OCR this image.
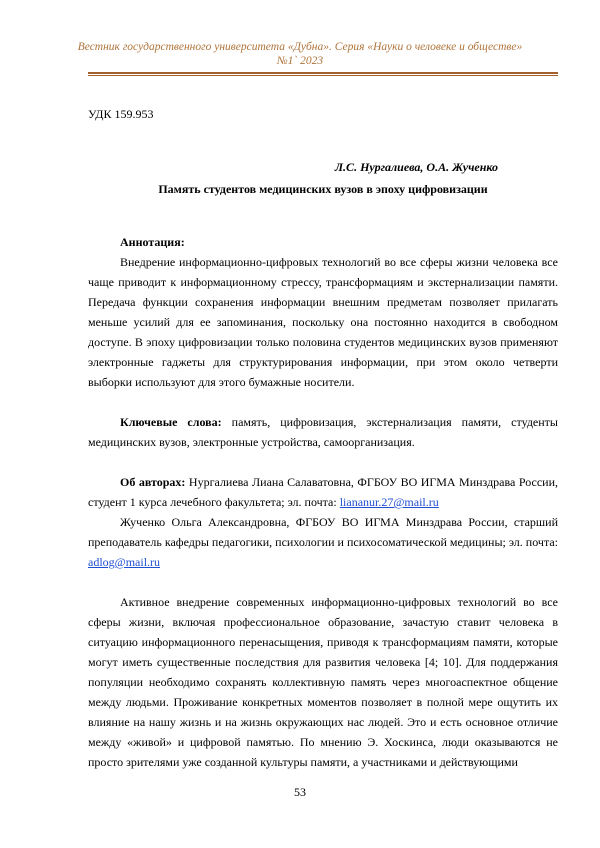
Вестник государственного университета «Дубна». Серия «Науки о человеке и обществе»
№1` 2023

УДК 159.953

Л.С. Нургалиева, О.А. Жученко
Память студентов медицинских вузов в эпоху цифровизации
Аннотация:

Внедрение информационно-цифровых технологий во все сферы жизни человека все чаще приводит к информационному стрессу, трансформациям и экстернализации памяти. Передача функции сохранения информации внешним предметам позволяет прилагать меньше усилий для ее запоминания, поскольку она постоянно находится в свободном доступе. В эпоху цифровизации только половина студентов медицинских вузов применяют электронные гаджеты для структурирования информации, при этом около четверти выборки используют для этого бумажные носители.

Ключевые слова: память, цифровизация, экстернализация памяти, студенты медицинских вузов, электронные устройства, самоорганизация.

Об авторах: Нургалиева Лиана Салаватовна, ФГБОУ ВО ИГМА Минздрава России, студент 1 курса лечебного факультета; эл. почта: liananur.27@mail.ru

Жученко Ольга Александровна, ФГБОУ ВО ИГМА Минздрава России, старший преподаватель кафедры педагогики, психологии и психосоматической медицины; эл. почта: adlog@mail.ru

Активное внедрение современных информационно-цифровых технологий во все сферы жизни, включая профессиональное образование, зачастую ставит человека в ситуацию информационного перенасыщения, приводя к трансформациям памяти, которые могут иметь существенные последствия для развития человека [4; 10]. Для поддержания популяции необходимо сохранять коллективную память через многоаспектное общение между людьми. Проживание конкретных моментов позволяет в полной мере ощутить их влияние на нашу жизнь и на жизнь окружающих нас людей. Это и есть основное отличие между «живой» и цифровой памятью. По мнению Э. Хоскинса, люди оказываются не просто зрителями уже созданной культуры памяти, а участниками и действующими

53
